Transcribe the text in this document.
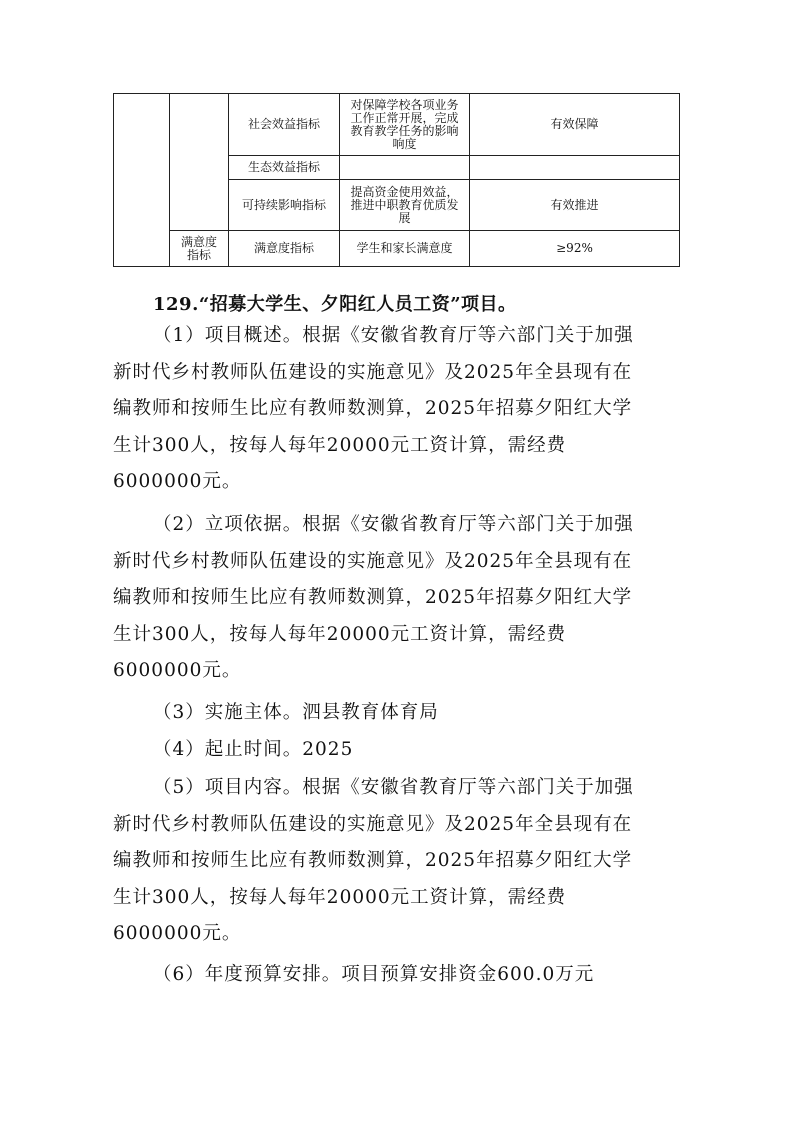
		社会效益指标	对保障学校各项业务工作正常开展，完成教育教学任务的影响响度	有效保障
		生态效益指标		
		可持续影响指标	提高资金使用效益，推进中职教育优质发展	有效推进
	满意度指标	满意度指标	学生和家长满意度	≥92%
129.“招募大学生、夕阳红人员工资”项目。
（1）项目概述。根据《安徽省教育厅等六部门关于加强
新时代乡村教师队伍建设的实施意见》及2025年全县现有在
编教师和按师生比应有教师数测算，2025年招募夕阳红大学
生计300人，按每人每年20000元工资计算，需经费
6000000元。
（2）立项依据。根据《安徽省教育厅等六部门关于加强
新时代乡村教师队伍建设的实施意见》及2025年全县现有在
编教师和按师生比应有教师数测算，2025年招募夕阳红大学
生计300人，按每人每年20000元工资计算，需经费
6000000元。
（3）实施主体。泗县教育体育局
（4）起止时间。2025
（5）项目内容。根据《安徽省教育厅等六部门关于加强
新时代乡村教师队伍建设的实施意见》及2025年全县现有在
编教师和按师生比应有教师数测算，2025年招募夕阳红大学
生计300人，按每人每年20000元工资计算，需经费
6000000元。
（6）年度预算安排。项目预算安排资金600.0万元
